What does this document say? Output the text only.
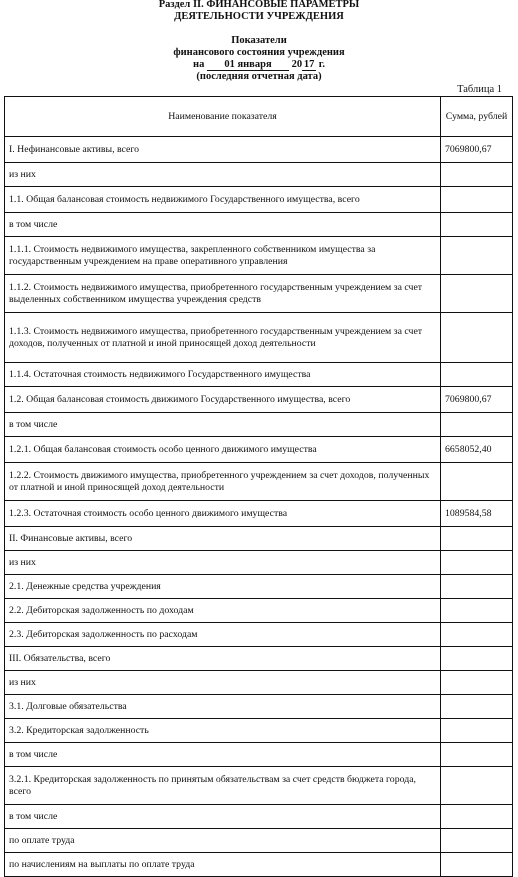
Раздел II. ФИНАНСОВЫЕ ПАРАМЕТРЫ
ДЕЯТЕЛЬНОСТИ УЧРЕЖДЕНИЯ
Показатели
финансового состояния учреждения
на 01 января 20 17 г.
(последняя отчетная дата)
Таблица 1
Наименование показателя	Сумма, рублей
I. Нефинансовые активы, всего	7069800,67
из них	
1.1. Общая балансовая стоимость недвижимого Государственного имущества, всего	
в том числе	
1.1.1. Стоимость недвижимого имущества, закрепленного собственником имущества за государственным учреждением на праве оперативного управления	
1.1.2. Стоимость недвижимого имущества, приобретенного государственным учреждением за счет выделенных собственником имущества учреждения средств	
1.1.3. Стоимость недвижимого имущества, приобретенного государственным учреждением за счет доходов, полученных от платной и иной приносящей доход деятельности	
1.1.4. Остаточная стоимость недвижимого Государственного имущества	
1.2. Общая балансовая стоимость движимого Государственного имущества, всего	7069800,67
в том числе	
1.2.1. Общая балансовая стоимость особо ценного движимого имущества	6658052,40
1.2.2. Стоимость движимого имущества, приобретенного учреждением за счет доходов, полученных от платной и иной приносящей доход деятельности	
1.2.3. Остаточная стоимость особо ценного движимого имущества	1089584,58
II. Финансовые активы, всего	
из них	
2.1. Денежные средства учреждения	
2.2. Дебиторская задолженность по доходам	
2.3. Дебиторская задолженность по расходам	
III. Обязательства, всего	
из них	
3.1. Долговые обязательства	
3.2. Кредиторская задолженность	
в том числе	
3.2.1. Кредиторская задолженность по принятым обязательствам за счет средств бюджета города, всего	
в том числе	
по оплате труда	
по начислениям на выплаты по оплате труда	
